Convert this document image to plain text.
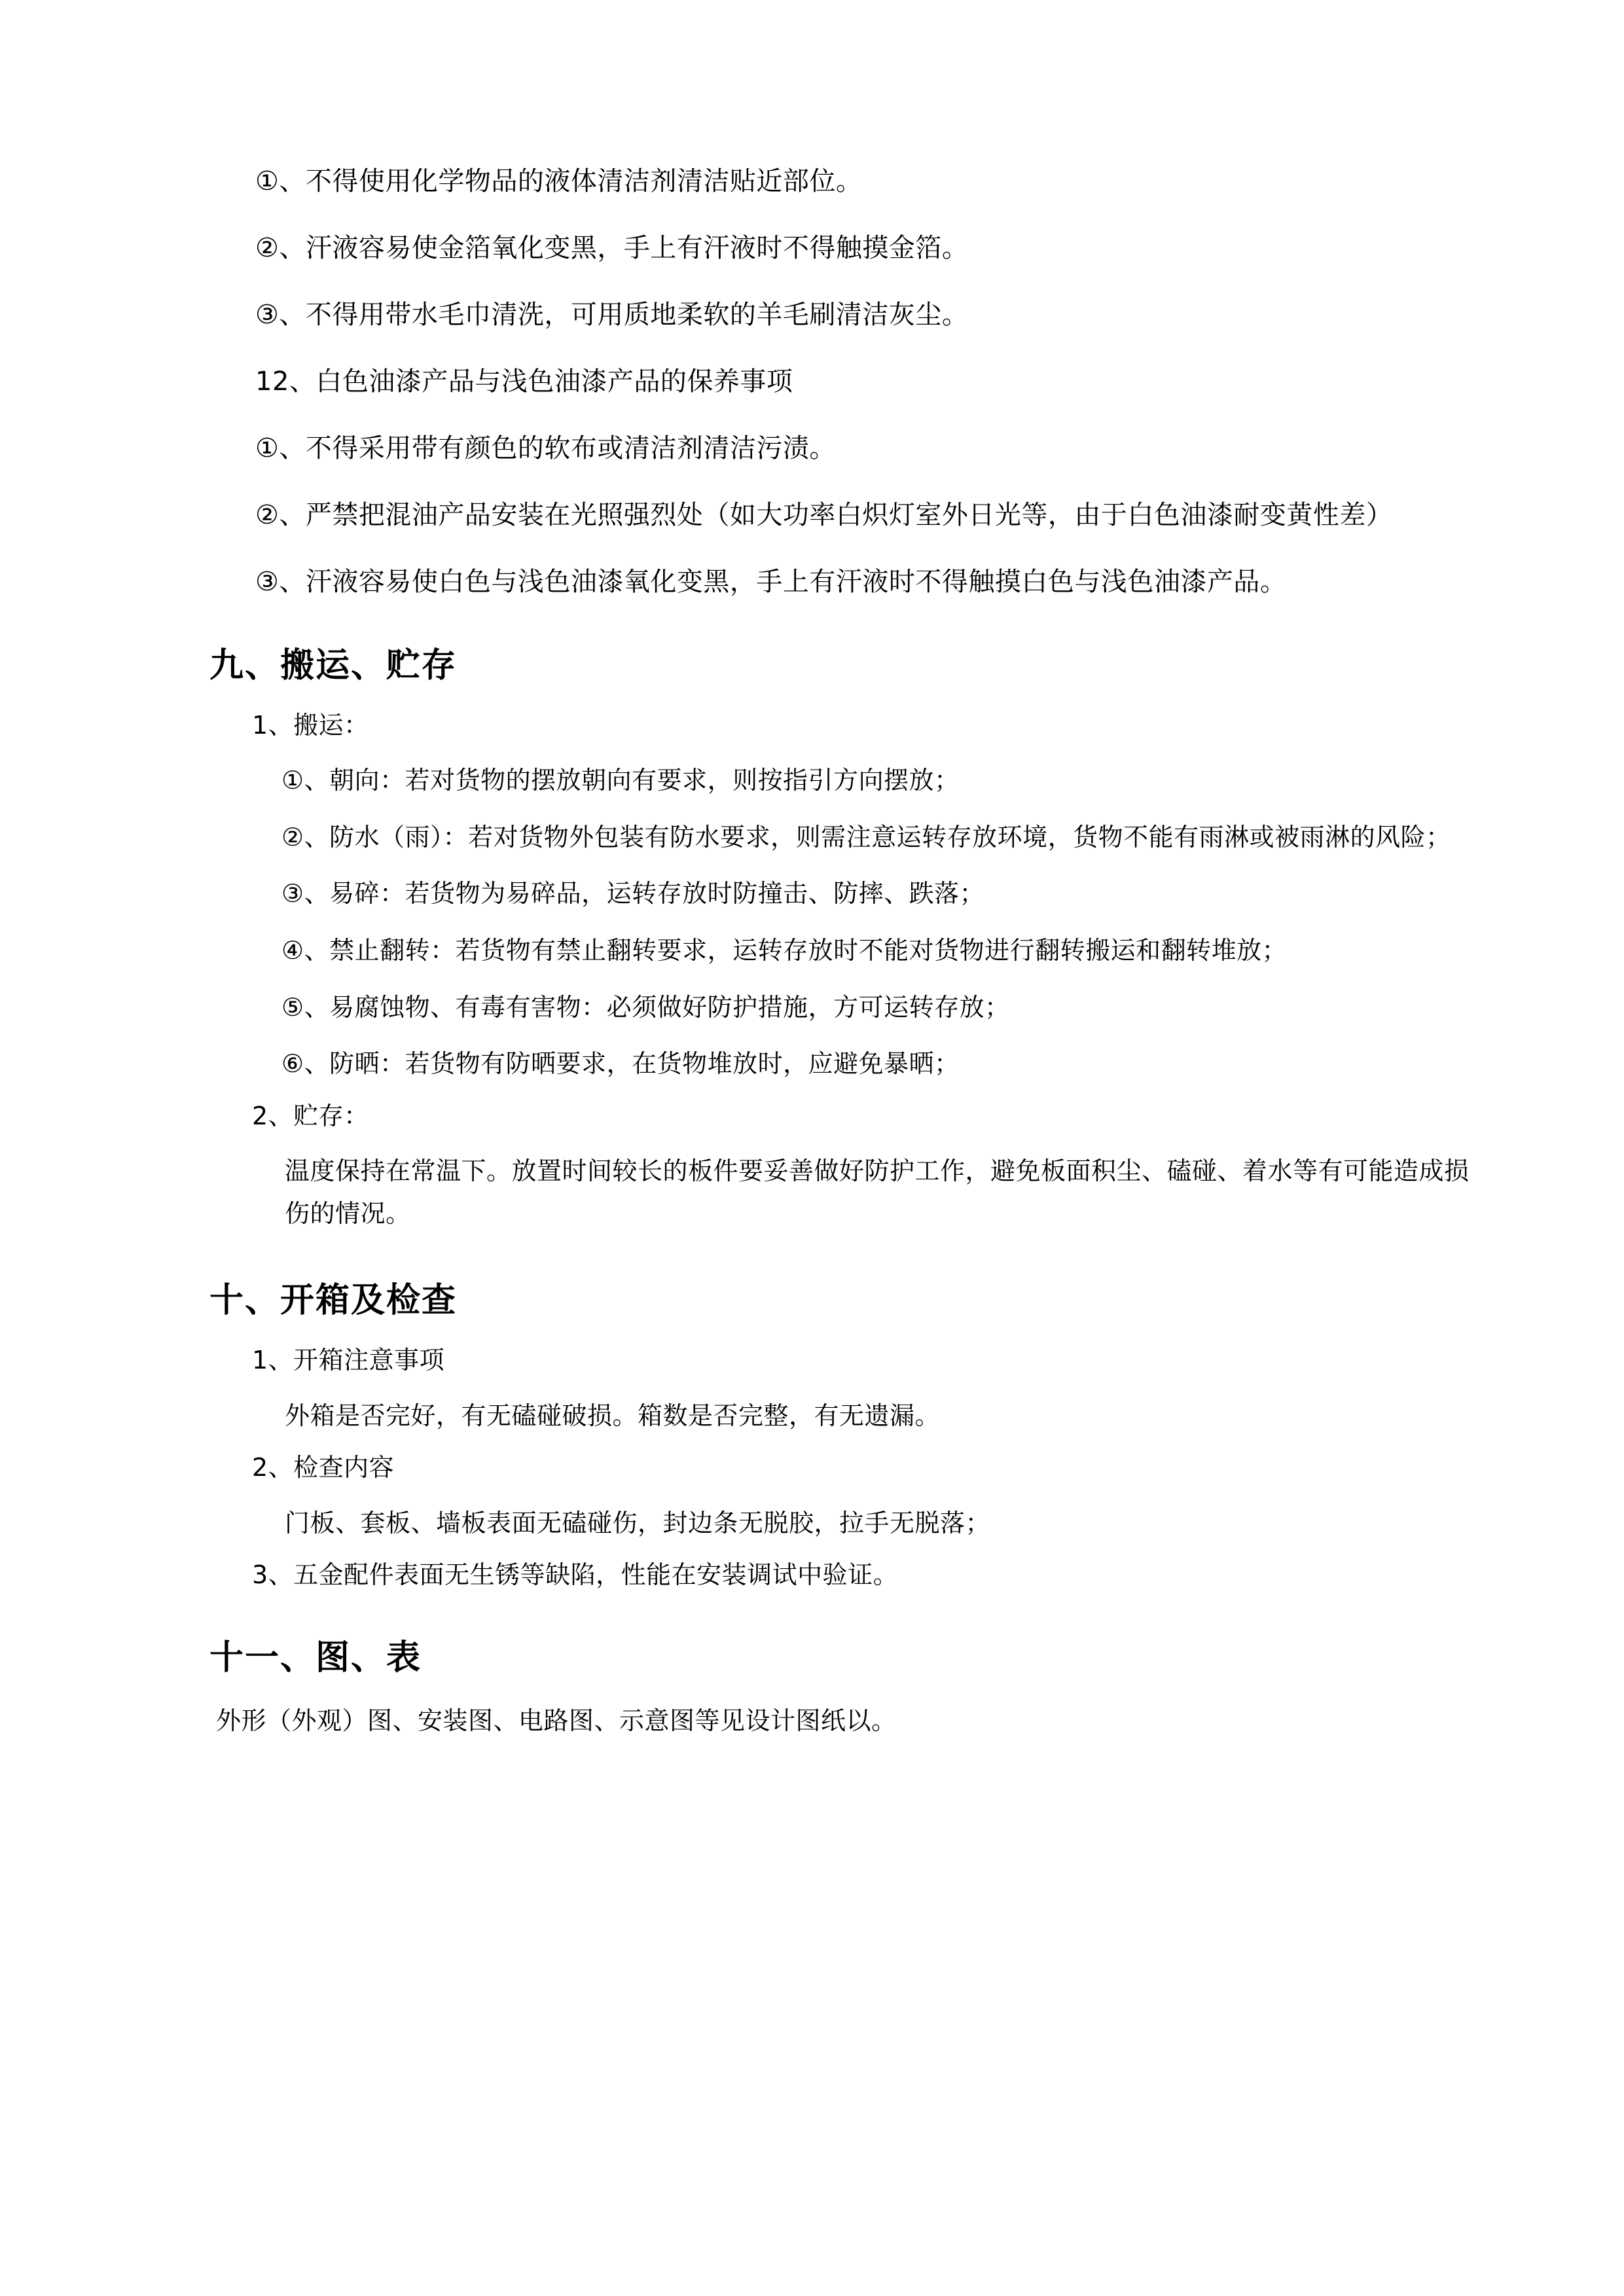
①、不得使用化学物品的液体清洁剂清洁贴近部位。

②、汗液容易使金箔氧化变黑，手上有汗液时不得触摸金箔。

③、不得用带水毛巾清洗，可用质地柔软的羊毛刷清洁灰尘。

12、白色油漆产品与浅色油漆产品的保养事项

①、不得采用带有颜色的软布或清洁剂清洁污渍。

②、严禁把混油产品安装在光照强烈处（如大功率白炽灯室外日光等，由于白色油漆耐变黄性差）

③、汗液容易使白色与浅色油漆氧化变黑，手上有汗液时不得触摸白色与浅色油漆产品。

九、搬运、贮存

1、搬运：

①、朝向：若对货物的摆放朝向有要求，则按指引方向摆放；

②、防水（雨）：若对货物外包装有防水要求，则需注意运转存放环境，货物不能有雨淋或被雨淋的风险；

③、易碎：若货物为易碎品，运转存放时防撞击、防摔、跌落；

④、禁止翻转：若货物有禁止翻转要求，运转存放时不能对货物进行翻转搬运和翻转堆放；

⑤、易腐蚀物、有毒有害物：必须做好防护措施，方可运转存放；

⑥、防晒：若货物有防晒要求，在货物堆放时，应避免暴晒；

2、贮存：

温度保持在常温下。放置时间较长的板件要妥善做好防护工作，避免板面积尘、磕碰、着水等有可能造成损伤的情况。

十、开箱及检查

1、开箱注意事项

外箱是否完好，有无磕碰破损。箱数是否完整，有无遗漏。

2、检查内容

门板、套板、墙板表面无磕碰伤，封边条无脱胶，拉手无脱落；

3、五金配件表面无生锈等缺陷，性能在安装调试中验证。

十一、图、表

外形（外观）图、安装图、电路图、示意图等见设计图纸以。
